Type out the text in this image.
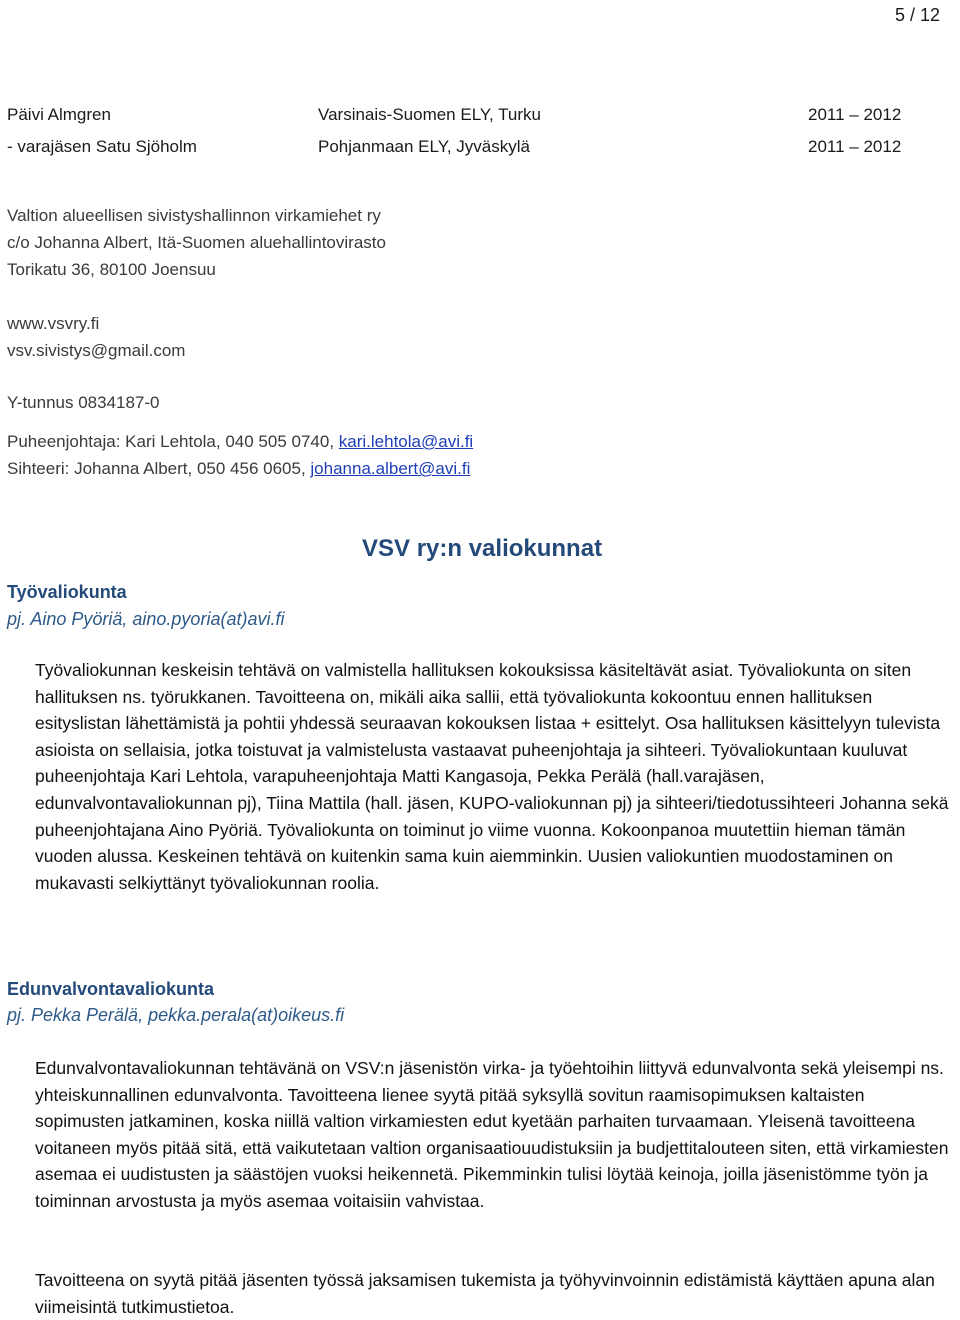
5 / 12
Päivi Almgren	Varsinais-Suomen ELY, Turku	2011 – 2012
- varajäsen Satu Sjöholm	Pohjanmaan ELY, Jyväskylä	2011 – 2012
Valtion alueellisen sivistyshallinnon virkamiehet ry
c/o Johanna Albert, Itä-Suomen aluehallintovirasto
Torikatu 36, 80100 Joensuu
www.vsvry.fi
vsv.sivistys@gmail.com
Y-tunnus 0834187-0
Puheenjohtaja: Kari Lehtola, 040 505 0740, kari.lehtola@avi.fi
Sihteeri: Johanna Albert, 050 456 0605, johanna.albert@avi.fi
VSV ry:n valiokunnat
Työvaliokunta
pj. Aino Pyöriä, aino.pyoria(at)avi.fi
Työvaliokunnan keskeisin tehtävä on valmistella hallituksen kokouksissa käsiteltävät asiat. Työvaliokunta on siten hallituksen ns. työrukkanen. Tavoitteena on, mikäli aika sallii, että työvaliokunta kokoontuu ennen hallituksen esityslistan lähettämistä ja pohtii yhdessä seuraavan kokouksen listaa + esittelyt. Osa hallituksen käsittelyyn tulevista asioista on sellaisia, jotka toistuvat ja valmistelusta vastaavat puheenjohtaja ja sihteeri. Työvaliokuntaan kuuluvat puheenjohtaja Kari Lehtola, varapuheenjohtaja Matti Kangasoja, Pekka Perälä (hall.varajäsen, edunvalvontavaliokunnan pj), Tiina Mattila (hall. jäsen, KUPO-valiokunnan pj) ja sihteeri/tiedotussihteeri Johanna sekä puheenjohtajana Aino Pyöriä. Työvaliokunta on toiminut jo viime vuonna. Kokoonpanoa muutettiin hieman tämän vuoden alussa. Keskeinen tehtävä on kuitenkin sama kuin aiemminkin. Uusien valiokuntien muodostaminen on mukavasti selkiyttänyt työvaliokunnan roolia.
Edunvalvontavaliokunta
pj. Pekka Perälä, pekka.perala(at)oikeus.fi
Edunvalvontavaliokunnan tehtävänä on VSV:n jäsenistön virka- ja työehtoihin liittyvä edunvalvonta sekä yleisempi ns. yhteiskunnallinen edunvalvonta. Tavoitteena lienee syytä pitää syksyllä sovitun raamisopimuksen kaltaisten sopimusten jatkaminen, koska niillä valtion virkamiesten edut kyetään parhaiten turvaamaan. Yleisenä tavoitteena voitaneen myös pitää sitä, että vaikutetaan valtion organisaatiouudistuksiin ja budjettitalouteen siten, että virkamiesten asemaa ei uudistusten ja säästöjen vuoksi heikennetä. Pikemminkin tulisi löytää keinoja, joilla jäsenistömme työn ja toiminnan arvostusta ja myös asemaa voitaisiin vahvistaa.
Tavoitteena on syytä pitää jäsenten työssä jaksamisen tukemista ja työhyvinvoinnin edistämistä käyttäen apuna alan viimeisintä tutkimustietoa.
